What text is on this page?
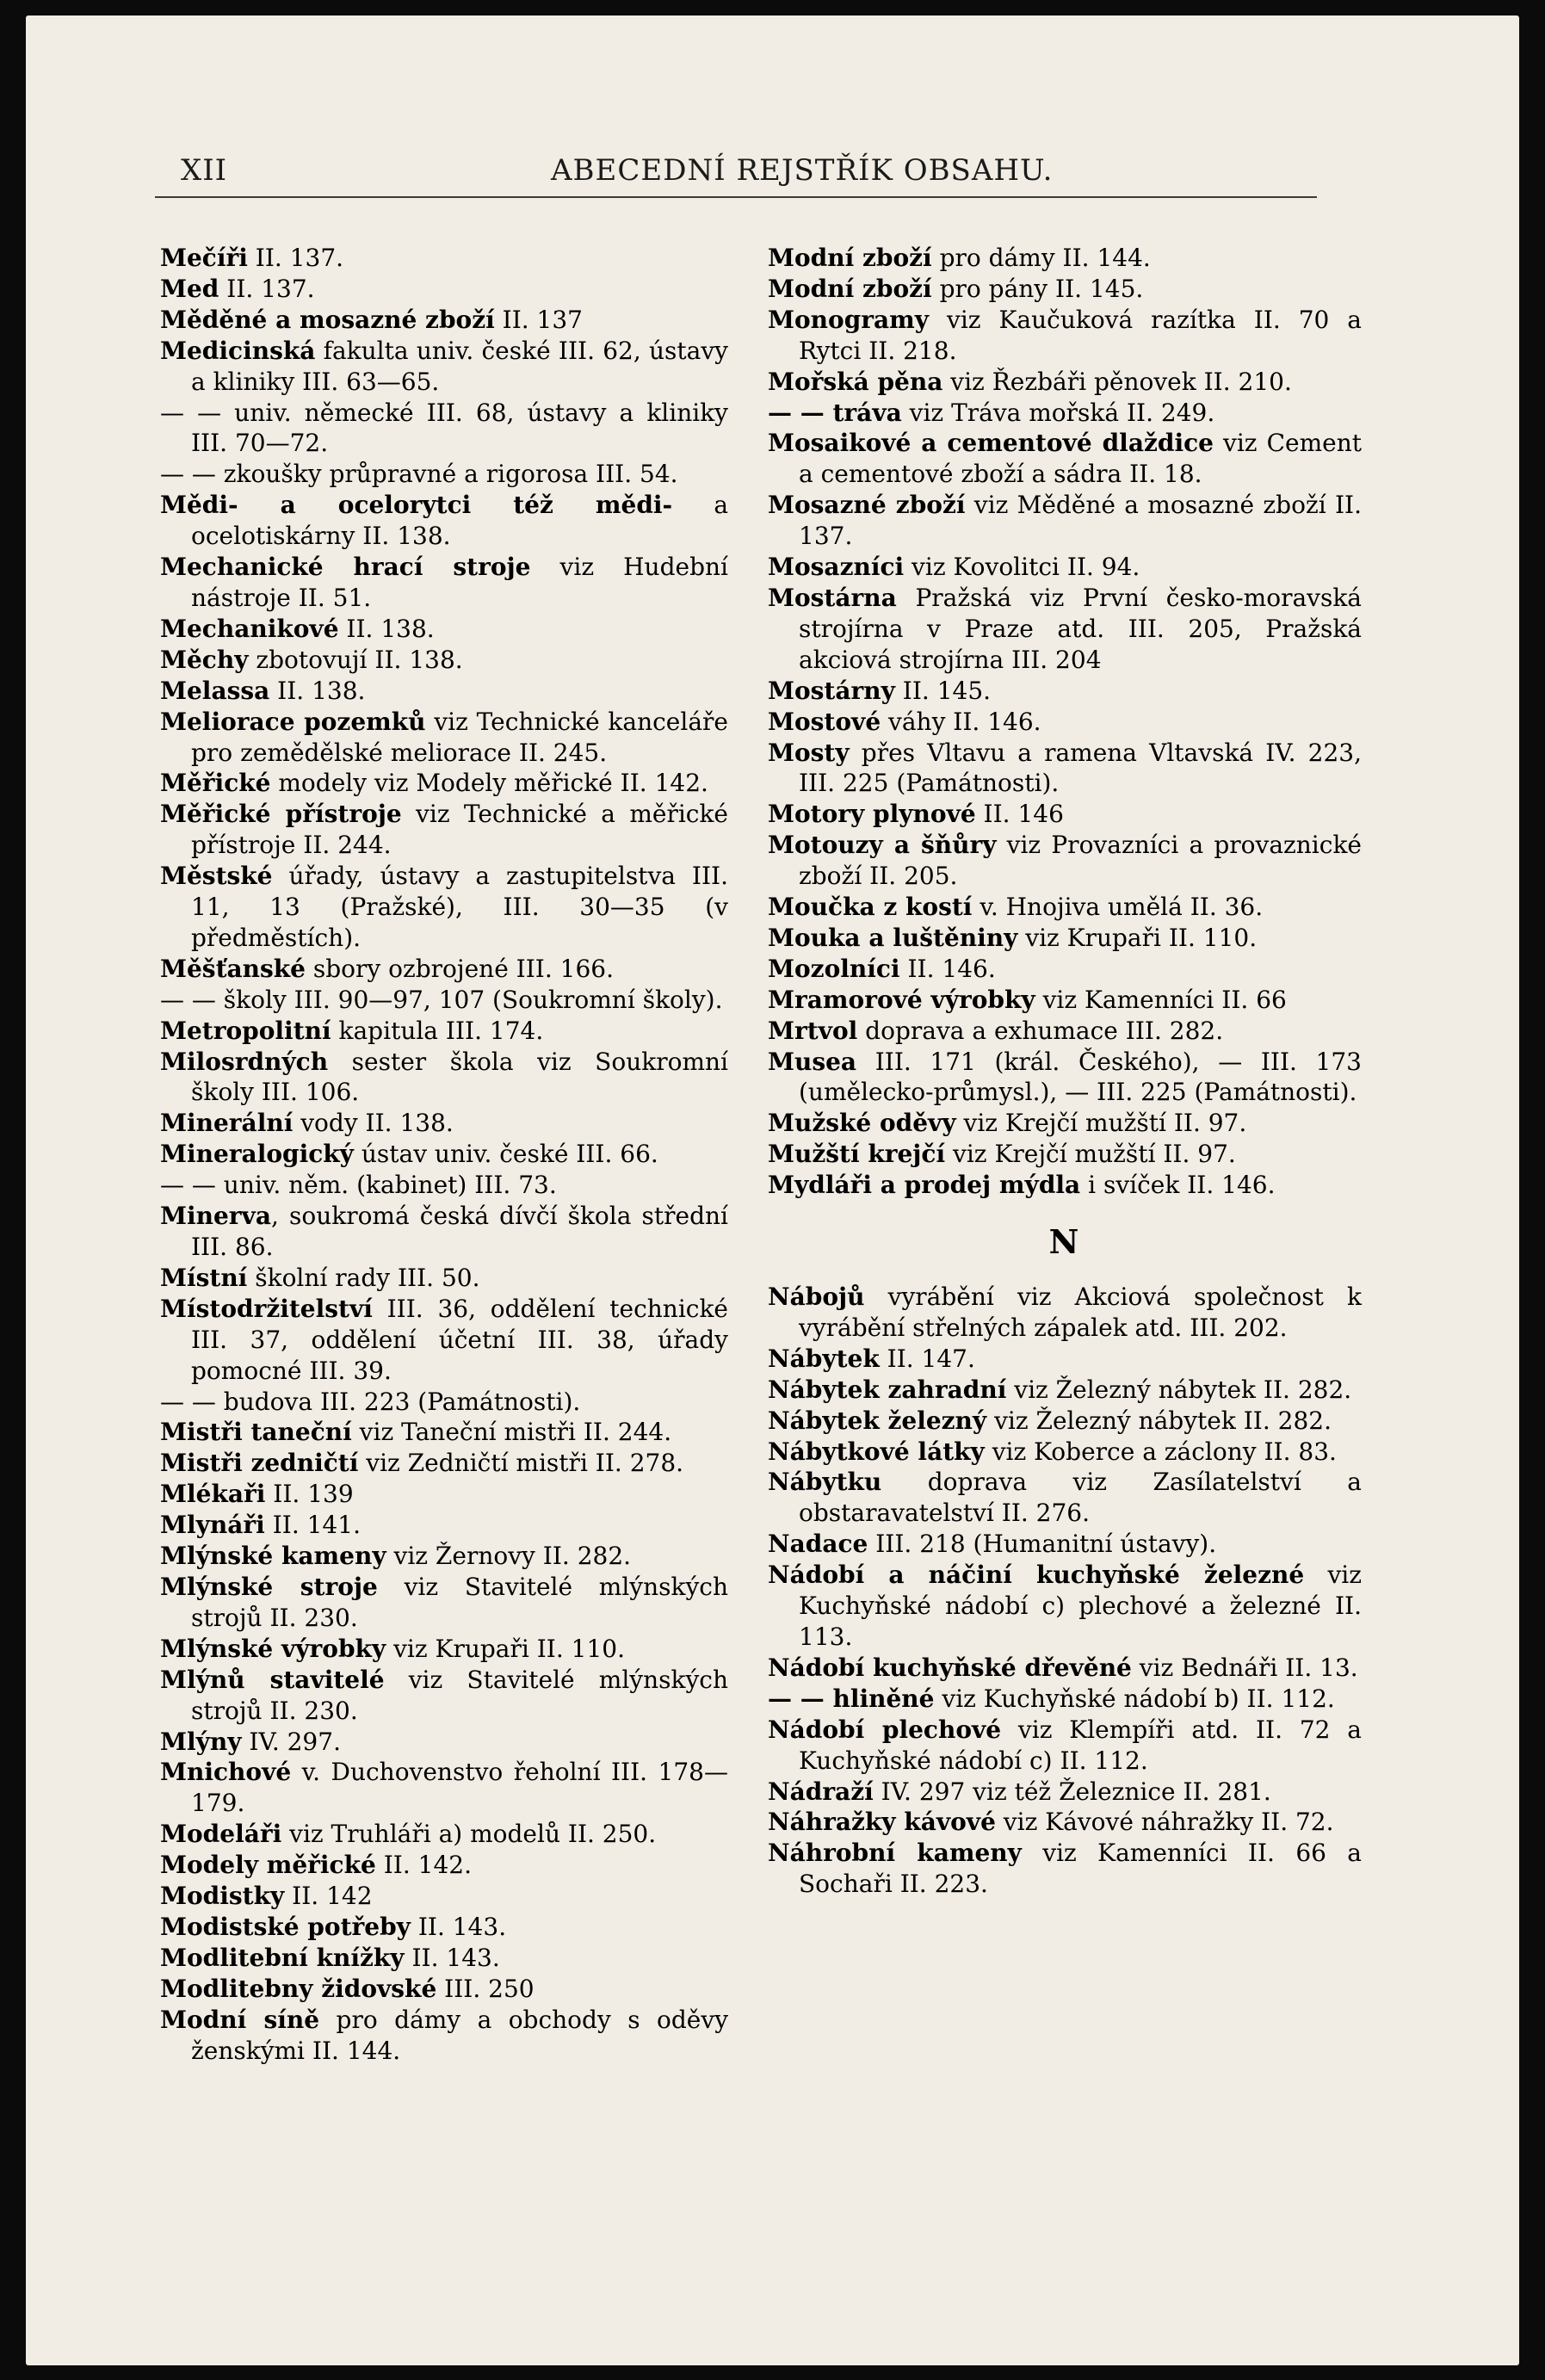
XII	ABECEDNÍ REJSTŘÍK OBSAHU.

Mečíři II. 137.

Med II. 137.

Měděné a mosazné zboží II. 137

Medicinská fakulta univ. české III. 62, ústavy a kliniky III. 63—65.

— — univ. německé III. 68, ústavy a kliniky III. 70—72.

— — zkoušky průpravné a rigorosa III. 54.

Mědi- a ocelorytci též mědi- a ocelotiskárny II. 138.

Mechanické hrací stroje viz Hudební nástroje II. 51.

Mechanikové II. 138.

Měchy zbotovují II. 138.

Melassa II. 138.

Meliorace pozemků viz Technické kanceláře pro zemědělské meliorace II. 245.

Měřické modely viz Modely měřické II. 142.

Měřické přístroje viz Technické a měřické přístroje II. 244.

Městské úřady, ústavy a zastupitelstva III. 11, 13 (Pražské), III. 30—35 (v předměstích).

Měšťanské sbory ozbrojené III. 166.

— — školy III. 90—97, 107 (Soukromní školy).

Metropolitní kapitula III. 174.

Milosrdných sester škola viz Soukromní školy III. 106.

Minerální vody II. 138.

Mineralogický ústav univ. české III. 66.

— — univ. něm. (kabinet) III. 73.

Minerva, soukromá česká dívčí škola střední III. 86.

Místní školní rady III. 50.

Místodržitelství III. 36, oddělení technické III. 37, oddělení účetní III. 38, úřady pomocné III. 39.

— — budova III. 223 (Památnosti).

Mistři taneční viz Taneční mistři II. 244.

Mistři zedničtí viz Zedničtí mistři II. 278.

Mlékaři II. 139

Mlynáři II. 141.

Mlýnské kameny viz Žernovy II. 282.

Mlýnské stroje viz Stavitelé mlýnských strojů II. 230.

Mlýnské výrobky viz Krupaři II. 110.

Mlýnů stavitelé viz Stavitelé mlýnských strojů II. 230.

Mlýny IV. 297.

Mnichové v. Duchovenstvo řeholní III. 178—179.

Modeláři viz Truhláři a) modelů II. 250.

Modely měřické II. 142.

Modistky II. 142

Modistské potřeby II. 143.

Modlitební knížky II. 143.

Modlitebny židovské III. 250

Modní síně pro dámy a obchody s oděvy ženskými II. 144.

Modní zboží pro dámy II. 144.

Modní zboží pro pány II. 145.

Monogramy viz Kaučuková razítka II. 70 a Rytci II. 218.

Mořská pěna viz Řezbáři pěnovek II. 210.

— — tráva viz Tráva mořská II. 249.

Mosaikové a cementové dlaždice viz Cement a cementové zboží a sádra II. 18.

Mosazné zboží viz Měděné a mosazné zboží II. 137.

Mosazníci viz Kovolitci II. 94.

Mostárna Pražská viz První česko-moravská strojírna v Praze atd. III. 205, Pražská akciová strojírna III. 204

Mostárny II. 145.

Mostové váhy II. 146.

Mosty přes Vltavu a ramena Vltavská IV. 223, III. 225 (Památnosti).

Motory plynové II. 146

Motouzy a šňůry viz Provazníci a provaznické zboží II. 205.

Moučka z kostí v. Hnojiva umělá II. 36.

Mouka a luštěniny viz Krupaři II. 110.

Mozolníci II. 146.

Mramorové výrobky viz Kamenníci II. 66

Mrtvol doprava a exhumace III. 282.

Musea III. 171 (král. Českého), — III. 173 (umělecko-průmysl.), — III. 225 (Památnosti).

Mužské oděvy viz Krejčí mužští II. 97.

Mužští krejčí viz Krejčí mužští II. 97.

Mydláři a prodej mýdla i svíček II. 146.

N

Nábojů vyrábění viz Akciová společnost k vyrábění střelných zápalek atd. III. 202.

Nábytek II. 147.

Nábytek zahradní viz Železný nábytek II. 282.

Nábytek železný viz Železný nábytek II. 282.

Nábytkové látky viz Koberce a záclony II. 83.

Nábytku doprava viz Zasílatelství a obstaravatelství II. 276.

Nadace III. 218 (Humanitní ústavy).

Nádobí a náčiní kuchyňské železné viz Kuchyňské nádobí c) plechové a železné II. 113.

Nádobí kuchyňské dřevěné viz Bednáři II. 13.

— — hliněné viz Kuchyňské nádobí b) II. 112.

Nádobí plechové viz Klempíři atd. II. 72 a Kuchyňské nádobí c) II. 112.

Nádraží IV. 297 viz též Železnice II. 281.

Náhražky kávové viz Kávové náhražky II. 72.

Náhrobní kameny viz Kamenníci II. 66 a Sochaři II. 223.
